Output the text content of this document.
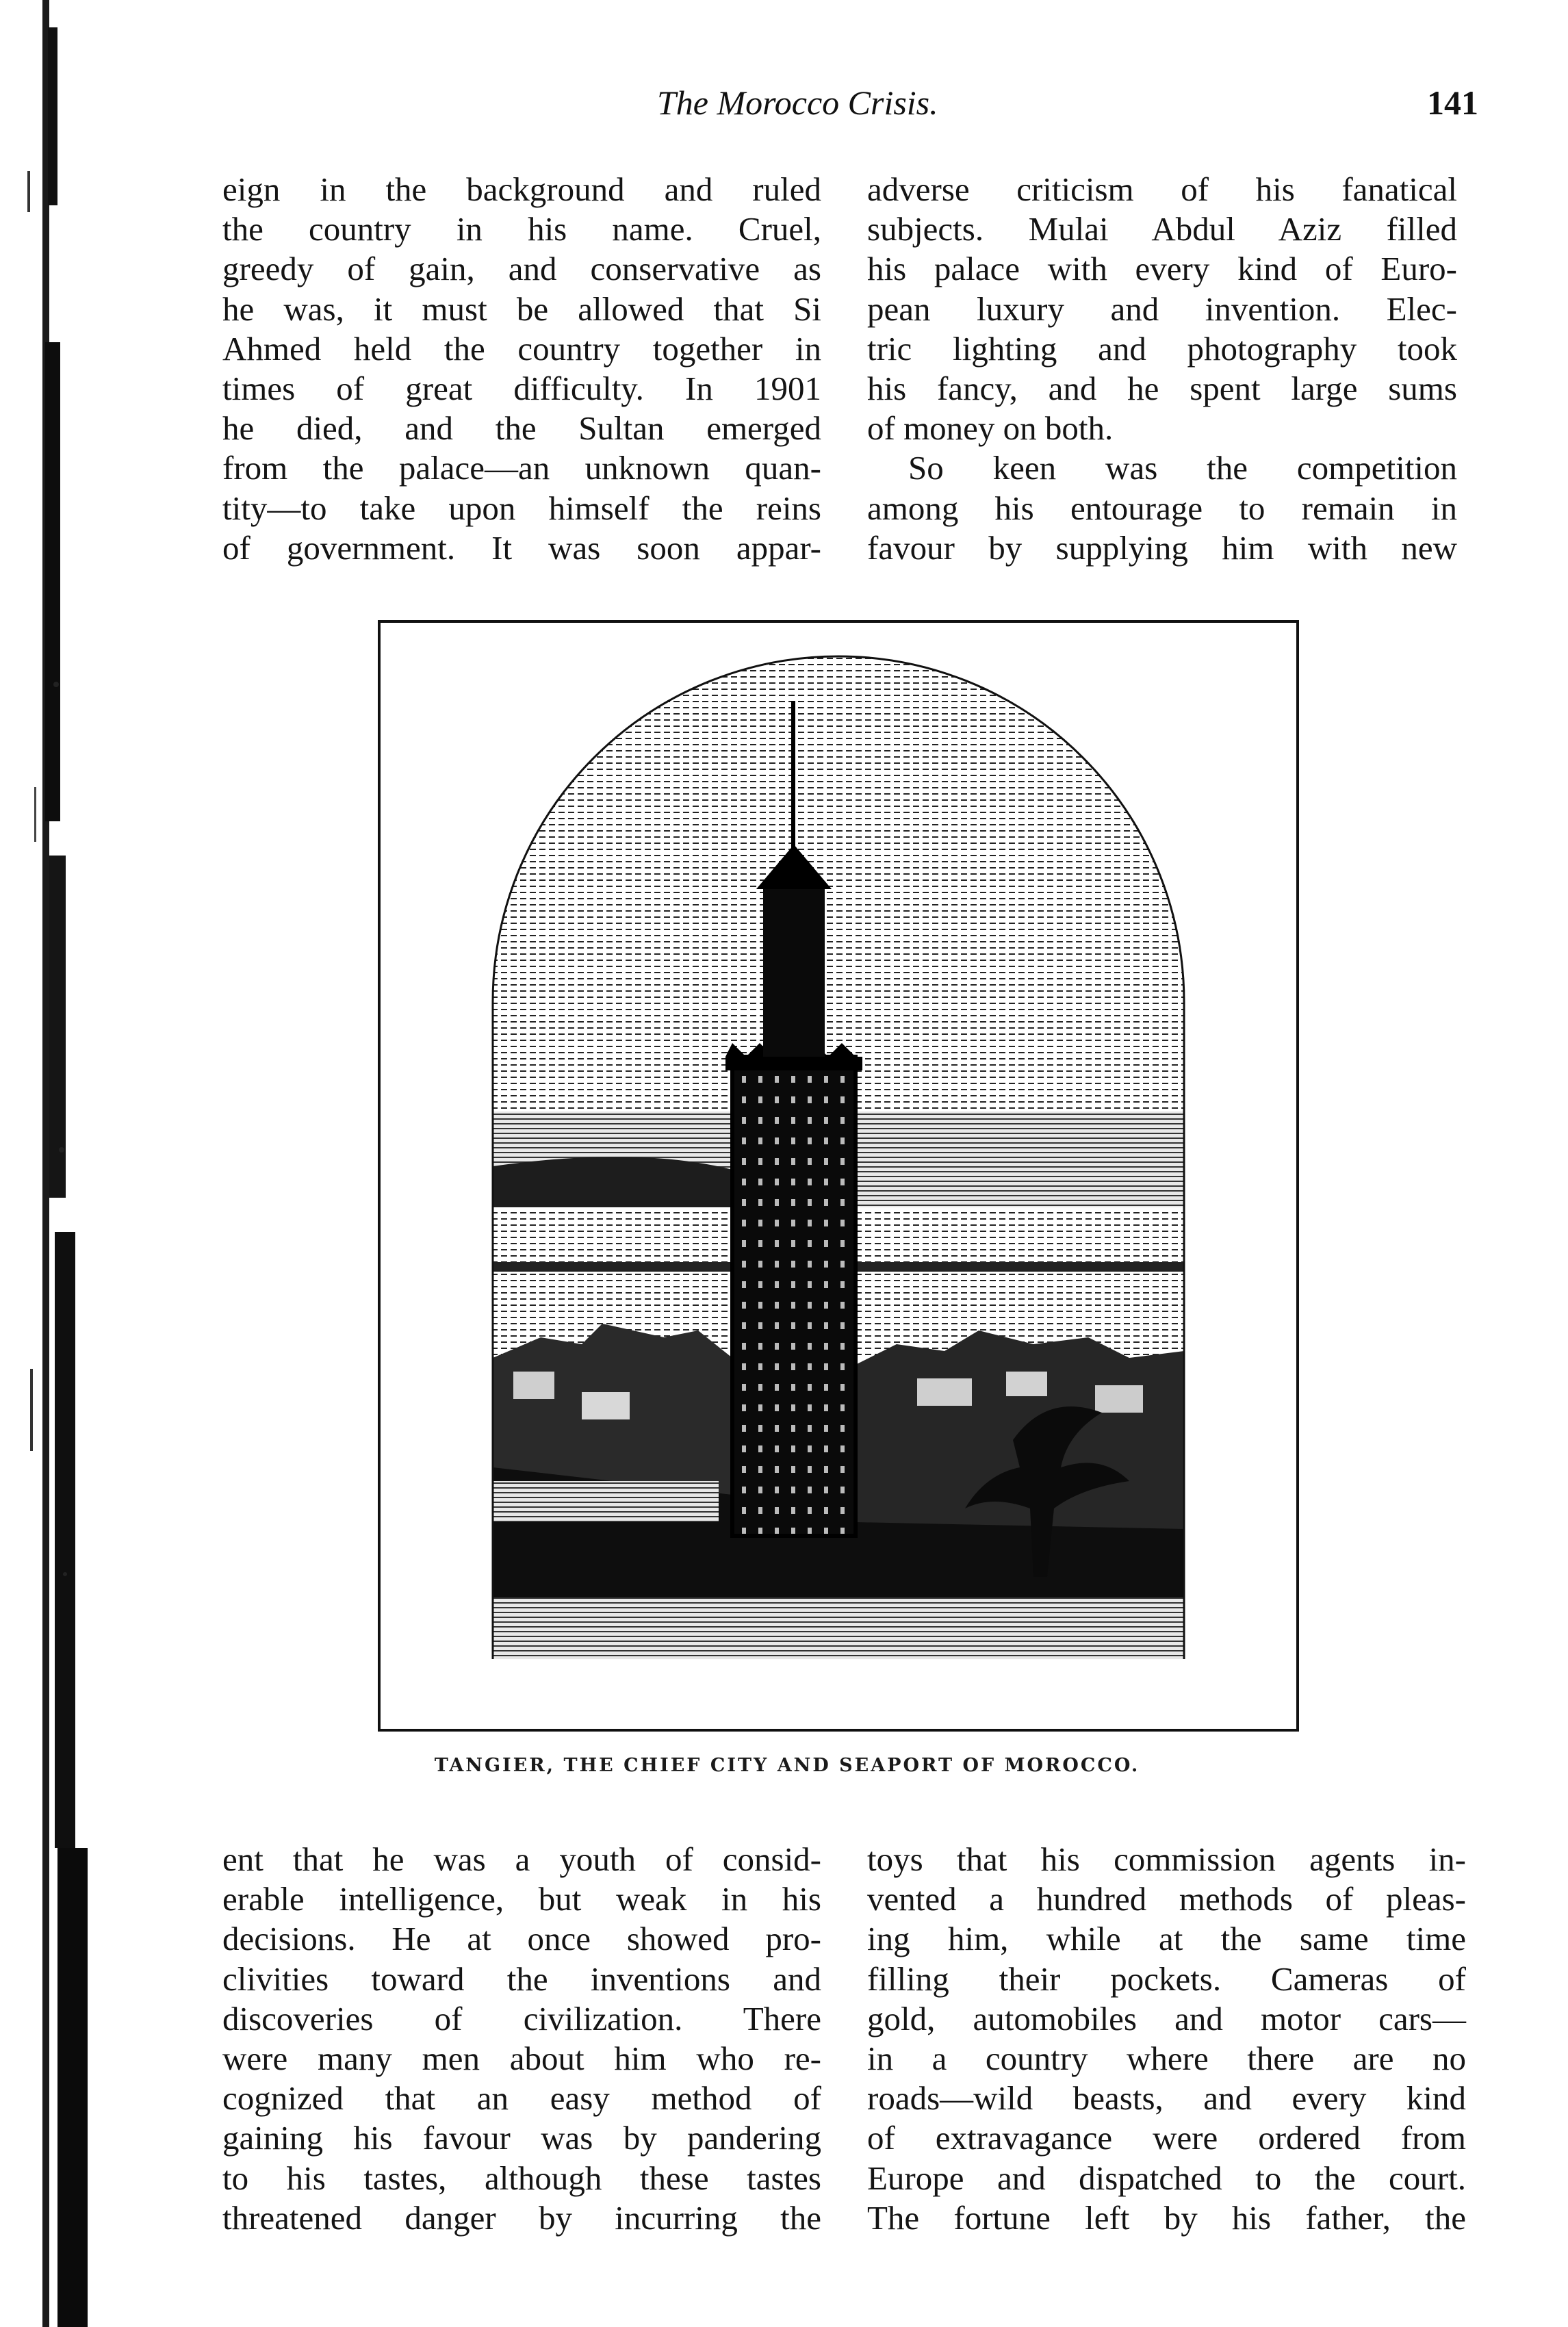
The Morocco Crisis.	141
eign in the background and ruled
the country in his name. Cruel,
greedy of gain, and conservative as
he was, it must be allowed that Si
Ahmed held the country together in
times of great difficulty. In 1901
he died, and the Sultan emerged
from the palace—an unknown quan-
tity—to take upon himself the reins
of government. It was soon appar-
adverse criticism of his fanatical
subjects. Mulai Abdul Aziz filled
his palace with every kind of Euro-
pean luxury and invention. Elec-
tric lighting and photography took
his fancy, and he spent large sums
of money on both.
So keen was the competition
among his entourage to remain in
favour by supplying him with new
TANGIER, THE CHIEF CITY AND SEAPORT OF MOROCCO.
ent that he was a youth of consid-
erable intelligence, but weak in his
decisions. He at once showed pro-
clivities toward the inventions and
discoveries of civilization. There
were many men about him who re-
cognized that an easy method of
gaining his favour was by pandering
to his tastes, although these tastes
threatened danger by incurring the
toys that his commission agents in-
vented a hundred methods of pleas-
ing him, while at the same time
filling their pockets. Cameras of
gold, automobiles and motor cars—
in a country where there are no
roads—wild beasts, and every kind
of extravagance were ordered from
Europe and dispatched to the court.
The fortune left by his father, the
